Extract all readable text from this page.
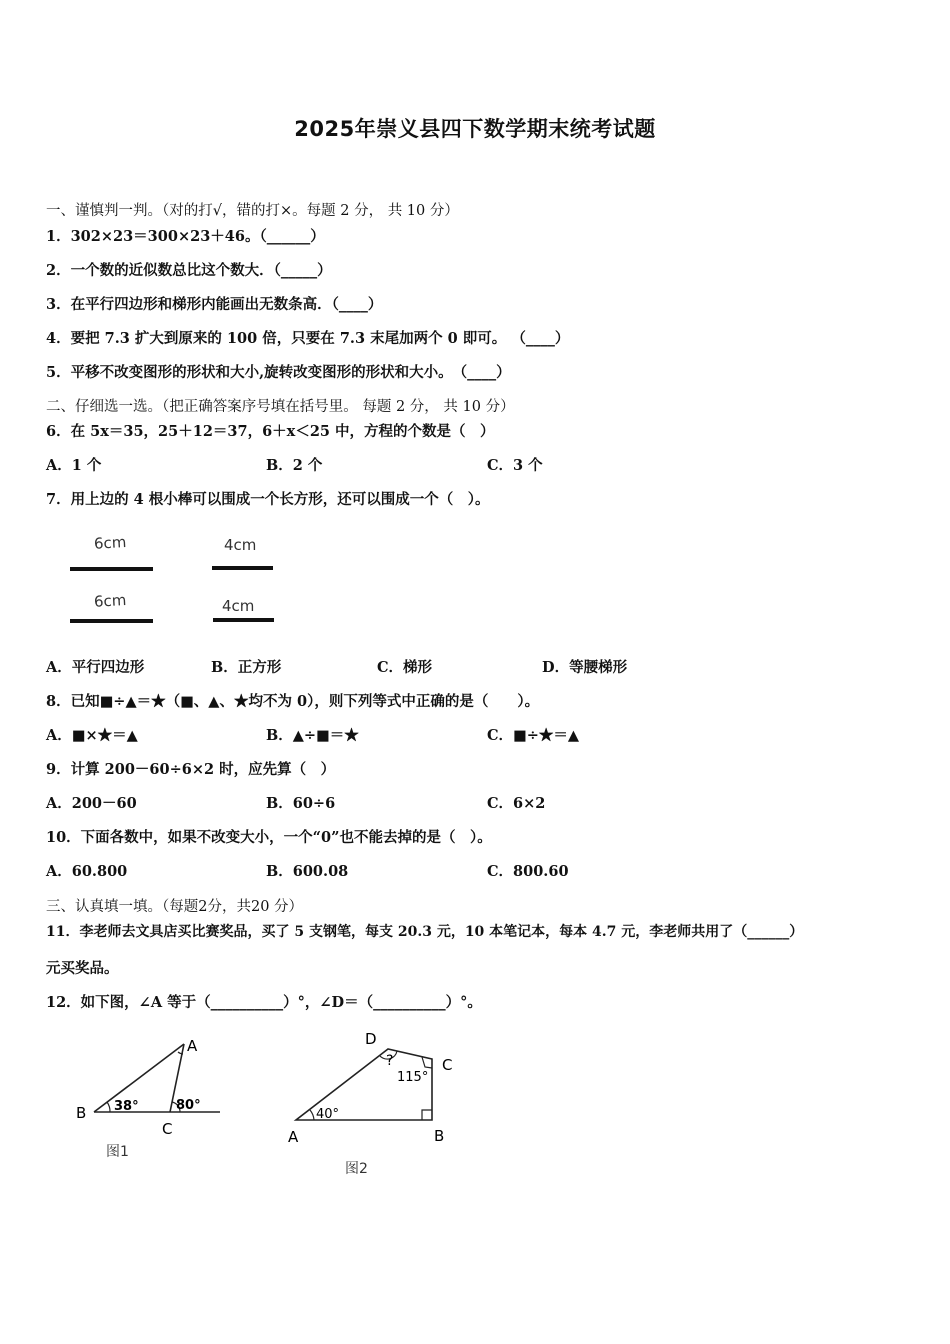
2025年崇义县四下数学期末统考试题
一、谨慎判一判。（对的打√，错的打×。每题 2 分， 共 10 分）
1．302×23＝300×23＋46。（______）
2．一个数的近似数总比这个数大．（_____）
3．在平行四边形和梯形内能画出无数条高．（____）
4．要把 7.3 扩大到原来的 100 倍，只要在 7.3 末尾加两个 0 即可。 （____）
5．平移不改变图形的形状和大小,旋转改变图形的形状和大小。　（____）
二、仔细选一选。（把正确答案序号填在括号里。 每题 2 分， 共 10 分）
6．在 5x＝35，25＋12＝37，6＋x＜25 中，方程的个数是（　）
A．1 个	B．2 个	C．3 个
7．用上边的 4 根小棒可以围成一个长方形，还可以围成一个（　）。
6cm	4cm
6cm	4cm
A．平行四边形	B．正方形	C．梯形	D．等腰梯形
8．已知■÷▲＝★（■、▲、★均不为 0），则下列等式中正确的是（　　）。
A．■×★＝▲	B．▲÷■＝★	C．■÷★＝▲
9．计算 200－60÷6×2 时，应先算（　）
A．200－60	B．60÷6	C．6×2
10．下面各数中，如果不改变大小，一个“0”也不能去掉的是（　）。
A．60.800	B．600.08	C．800.60
三、认真填一填。（每题2分，共20 分）
11．李老师去文具店买比赛奖品，买了 5 支钢笔，每支 20.3 元，10 本笔记本，每本 4.7 元，李老师共用了（______）
元买奖品。
12．如下图，∠A 等于（__________）°，∠D＝（__________）°。
A
B
C
38°	80°
图1
D
C
A	B
40°
115°
?
图2
